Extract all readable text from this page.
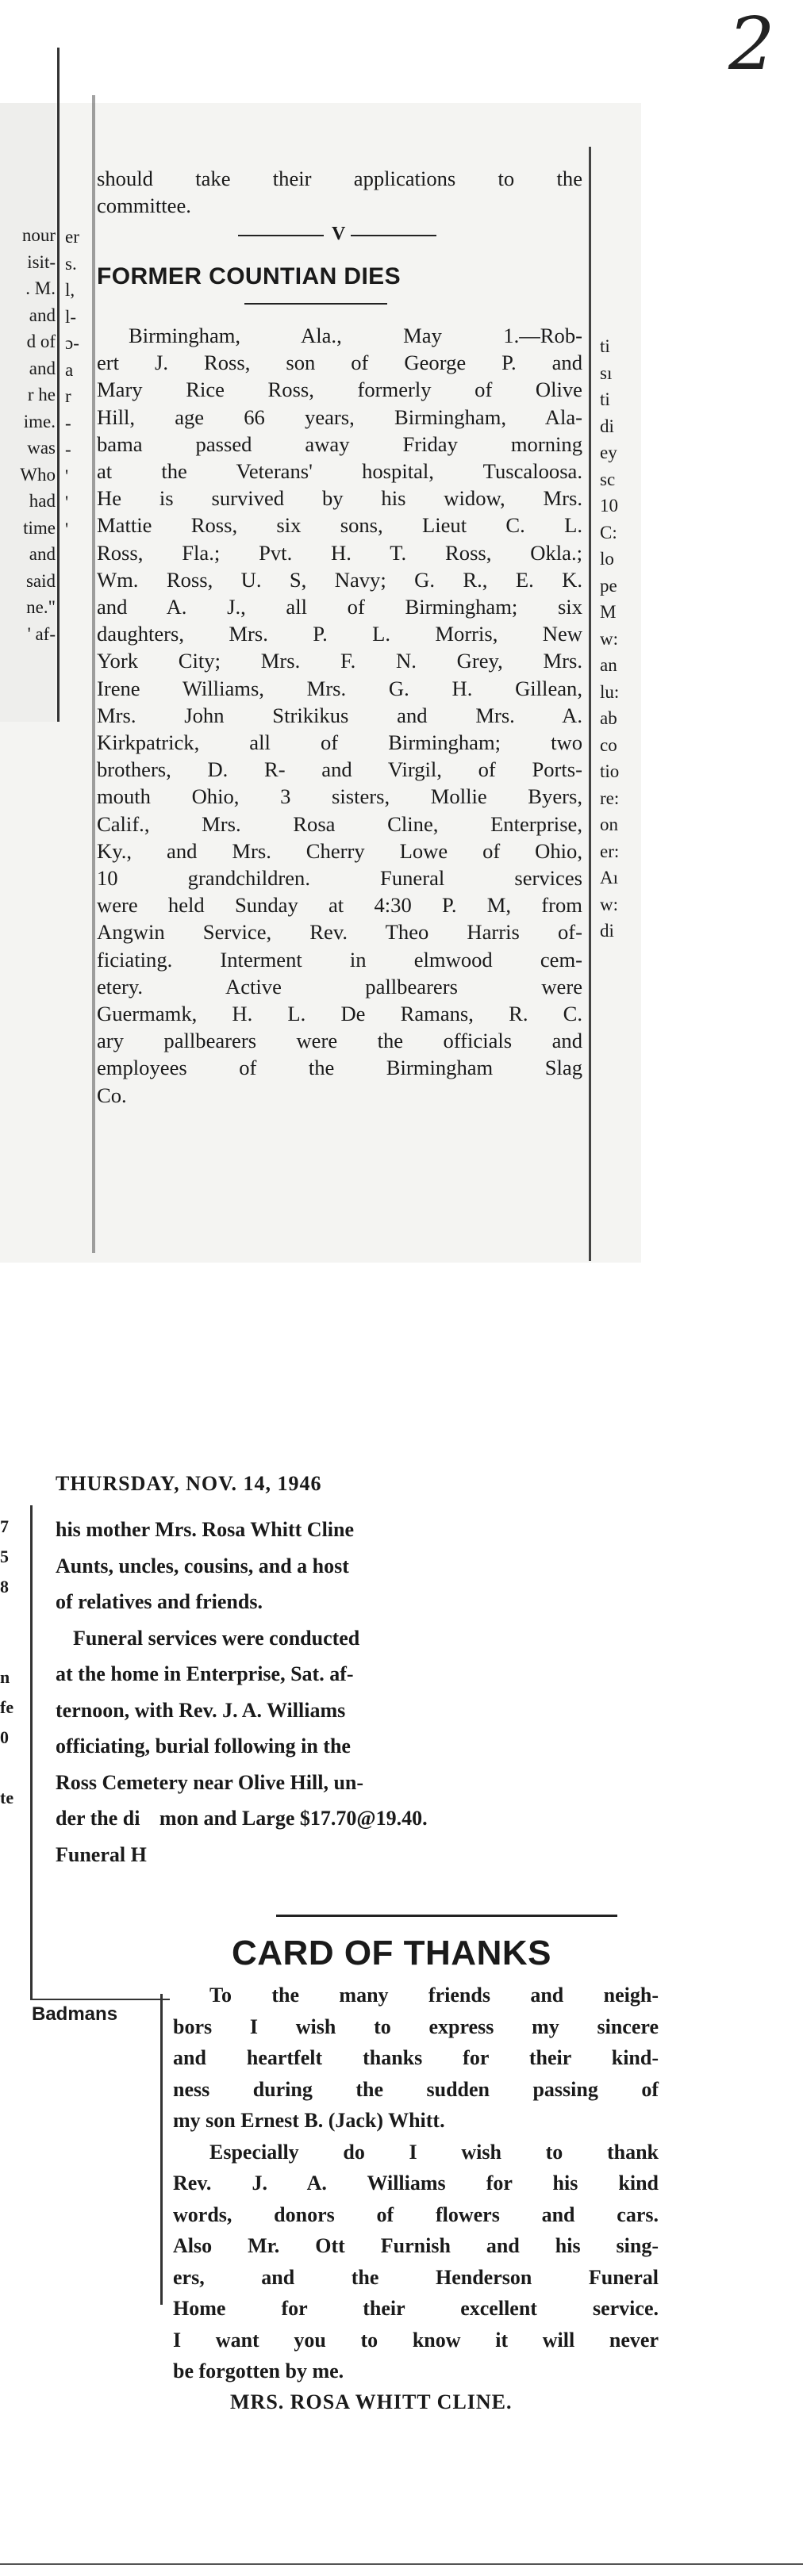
2
nour
isit-
. M.
and
d of
and
r he
ime.
was
Who
had
time
and
said
ne."
' af-
er
s.
l,
l-
ɔ-
a
r
-
-
'
'
'
ti
sı
ti
di
ey
sc
10
C:
lo
pe
M
w:
an
lu:
ab
co
tio
re:
on
er:
Aı
w:
di
should take their applications to the
committee.
V
FORMER COUNTIAN DIES

Birmingham, Ala., May 1.—Rob-

ert J. Ross, son of George P. and

Mary Rice Ross, formerly of Olive

Hill, age 66 years, Birmingham, Ala-

bama passed away Friday morning

at the Veterans' hospital, Tuscaloosa.

He is survived by his widow, Mrs.

Mattie Ross, six sons, Lieut C. L.

Ross, Fla.; Pvt. H. T. Ross, Okla.;

Wm. Ross, U. S, Navy; G. R., E. K.

and A. J., all of Birmingham; six

daughters, Mrs. P. L. Morris, New

York City; Mrs. F. N. Grey, Mrs.

Irene Williams, Mrs. G. H. Gillean,

Mrs. John Strikikus and Mrs. A.

Kirkpatrick, all of Birmingham; two

brothers, D. R- and Virgil, of Ports-

mouth Ohio, 3 sisters, Mollie Byers,

Calif., Mrs. Rosa Cline, Enterprise,

Ky., and Mrs. Cherry Lowe of Ohio,

10 grandchildren. Funeral services

were held Sunday at 4:30 P. M, from

Angwin Service, Rev. Theo Harris of-

ficiating. Interment in elmwood cem-

etery. Active pallbearers were

Guermamk, H. L. De Ramans, R. C.

ary pallbearers were the officials and

employees of the Birmingham Slag

Co.

THURSDAY, NOV. 14, 1946
7
5
8
n
fe
0
te
his mother Mrs. Rosa Whitt Cline
Aunts, uncles, cousins, and a host
of relatives and friends.
Funeral services were conducted
at the home in Enterprise, Sat. af-
ternoon, with Rev. J. A. Williams
officiating, burial following in the
Ross Cemetery near Olive Hill, un-
der the di mon and Large $17.70@19.40.
Funeral H
Badmans
CARD OF THANKS
To the many friends and neigh-
bors I wish to express my sincere
and heartfelt thanks for their kind-
ness during the sudden passing of
my son Ernest B. (Jack) Whitt.
Especially do I wish to thank
Rev. J. A. Williams for his kind
words, donors of flowers and cars.
Also Mr. Ott Furnish and his sing-
ers, and the Henderson Funeral
Home for their excellent service.
I want you to know it will never
be forgotten by me.
MRS. ROSA WHITT CLINE.
